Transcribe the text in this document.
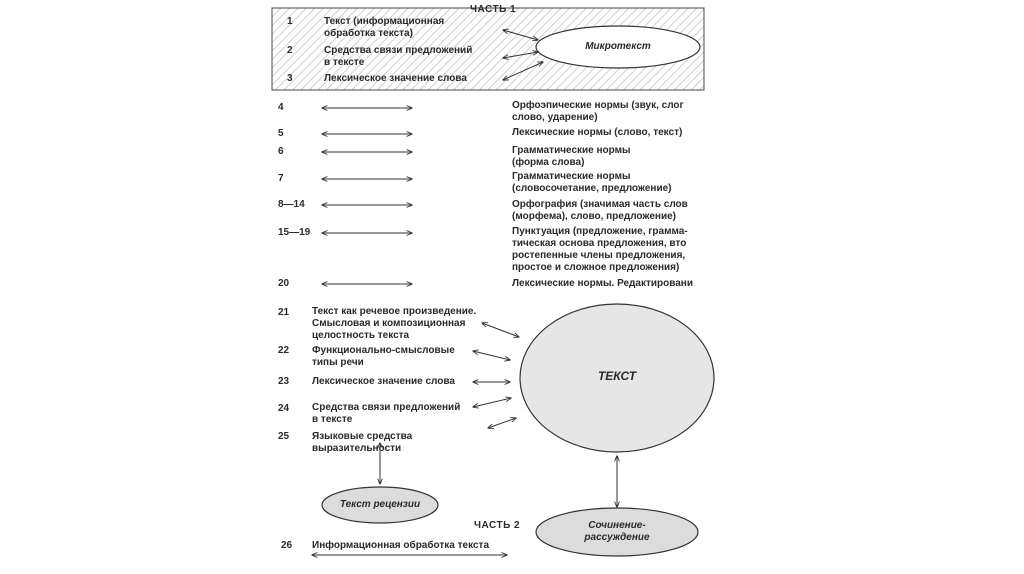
ЧАСТЬ 1
1	Текст (информационная
обработка текста)
2	Средства связи предложений
в тексте
3	Лексическое значение слова
Микротекст
4	Орфоэпические нормы (звук, слог
слово, ударение)
5	Лексические нормы (слово, текст)
6	Грамматические нормы
(форма слова)
7	Грамматические нормы
(словосочетание, предложение)
8—14	Орфография (значимая часть слов
(морфема), слово, предложение)
15—19	Пунктуация (предложение, грамма-
тическая основа предложения, вто
ростепенные члены предложения,
простое и сложное предложения)
20	Лексические нормы. Редактировани
21 Текст как речевое произведение.
Смысловая и композиционная
целостность текста
22 Функционально-смысловые
типы речи
23 Лексическое значение слова
24 Средства связи предложений
в тексте
25 Языковые средства
выразительности
ТЕКСТ
Текст рецензии
Сочинение-
рассуждение
ЧАСТЬ 2
26 Информационная обработка текста
